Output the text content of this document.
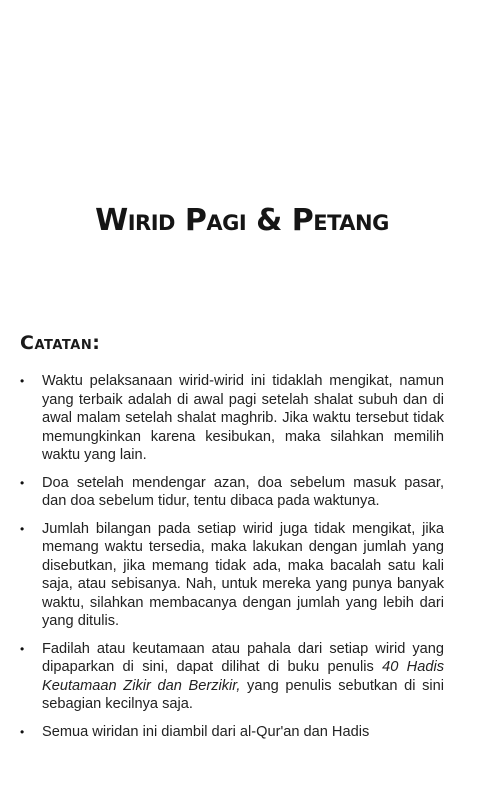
Wirid Pagi & Petang
Catatan:
• Waktu pelaksanaan wirid-wirid ini tidaklah mengikat, namun yang terbaik adalah di awal pagi setelah shalat subuh dan di awal malam setelah shalat maghrib. Jika waktu tersebut tidak memungkinkan karena kesibukan, maka silahkan memilih waktu yang lain.
• Doa setelah mendengar azan, doa sebelum masuk pasar, dan doa sebelum tidur, tentu dibaca pada waktunya.
• Jumlah bilangan pada setiap wirid juga tidak mengikat, jika memang waktu tersedia, maka lakukan dengan jumlah yang disebutkan, jika memang tidak ada, maka bacalah satu kali saja, atau sebisanya. Nah, untuk mereka yang punya banyak waktu, silahkan membacanya dengan jumlah yang lebih dari yang ditulis.
• Fadilah atau keutamaan atau pahala dari setiap wirid yang dipaparkan di sini, dapat dilihat di buku penulis 40 Hadis Keutamaan Zikir dan Berzikir, yang penulis sebutkan di sini sebagian kecilnya saja.
• Semua wiridan ini diambil dari al-Qur'an dan Hadis
